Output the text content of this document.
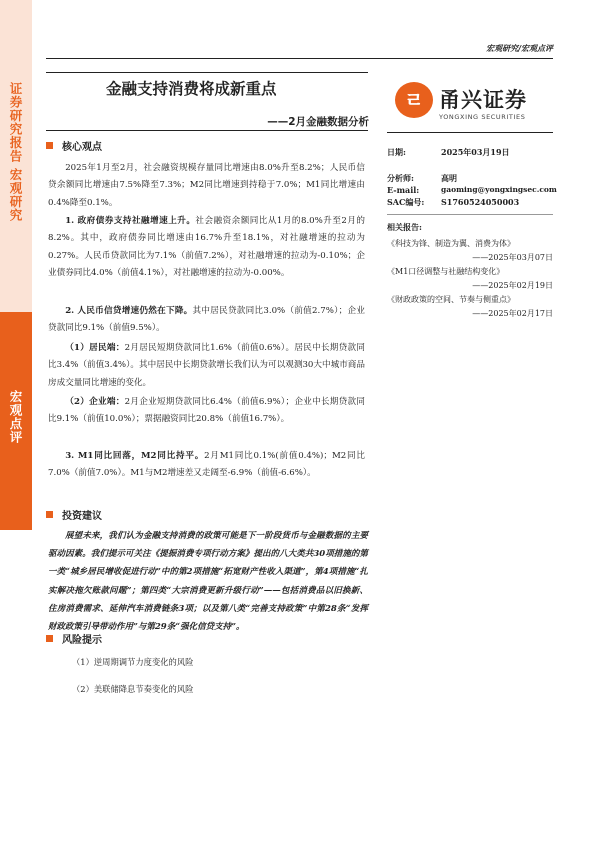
证券研究报告
宏观研究
宏观点评
宏观研究/宏观点评
金融支持消费将成新重点
——2月金融数据分析
ㄹ 甬兴证券
YONGXING SECURITIES
日期:	2025年03月19日
分析师:	高明
E-mail:	gaoming@yongxingsec.com
SAC编号: S1760524050003
相关报告:
《科技为锋、制造为翼、消费为体》
——2025年03月07日
《M1口径调整与社融结构变化》
——2025年02月19日
《财政政策的空间、节奏与侧重点》
——2025年02月17日
核心观点
2025年1月至2月，社会融资规模存量同比增速由8.0%升至8.2%；人民币信贷余额同比增速由7.5%降至7.3%；M2同比增速到持稳于7.0%；M1同比增速由0.4%降至0.1%。
1. 政府债券支持社融增速上升。社会融资余额同比从1月的8.0%升至2月的8.2%。其中，政府债券同比增速由16.7%升至18.1%，对社融增速的拉动为0.27%。人民币贷款同比为7.1%（前值7.2%），对社融增速的拉动为-0.10%；企业债券同比4.0%（前值4.1%），对社融增速的拉动为-0.00%。
2. 人民币信贷增速仍然在下降。其中居民贷款同比3.0%（前值2.7%）；企业贷款同比9.1%（前值9.5%）。
（1）居民端：2月居民短期贷款同比1.6%（前值0.6%）。居民中长期贷款同比3.4%（前值3.4%）。其中居民中长期贷款增长我们认为可以观测30大中城市商品房成交量同比增速的变化。
（2）企业端：2月企业短期贷款同比6.4%（前值6.9%）；企业中长期贷款同比9.1%（前值10.0%）；票据融资同比20.8%（前值16.7%）。
3. M1同比回落，M2同比持平。2月M1同比0.1%(前值0.4%)；M2同比7.0%（前值7.0%）。M1与M2增速差又走阔至-6.9%（前值-6.6%）。
投资建议
展望未来，我们认为金融支持消费的政策可能是下一阶段货币与金融数据的主要驱动因素。我们提示可关注《提振消费专项行动方案》提出的八大类共30项措施的第一类“城乡居民增收促进行动”中的第2项措施“拓宽财产性收入渠道”，第4项措施“扎实解决拖欠账款问题”；第四类“大宗消费更新升级行动”——包括消费品以旧换新、住房消费需求、延伸汽车消费链条3项；以及第八类“完善支持政策”中第28条“发挥财政政策引导带动作用”与第29条“强化信贷支持”。
风险提示
（1）逆周期调节力度变化的风险
（2）美联储降息节奏变化的风险
